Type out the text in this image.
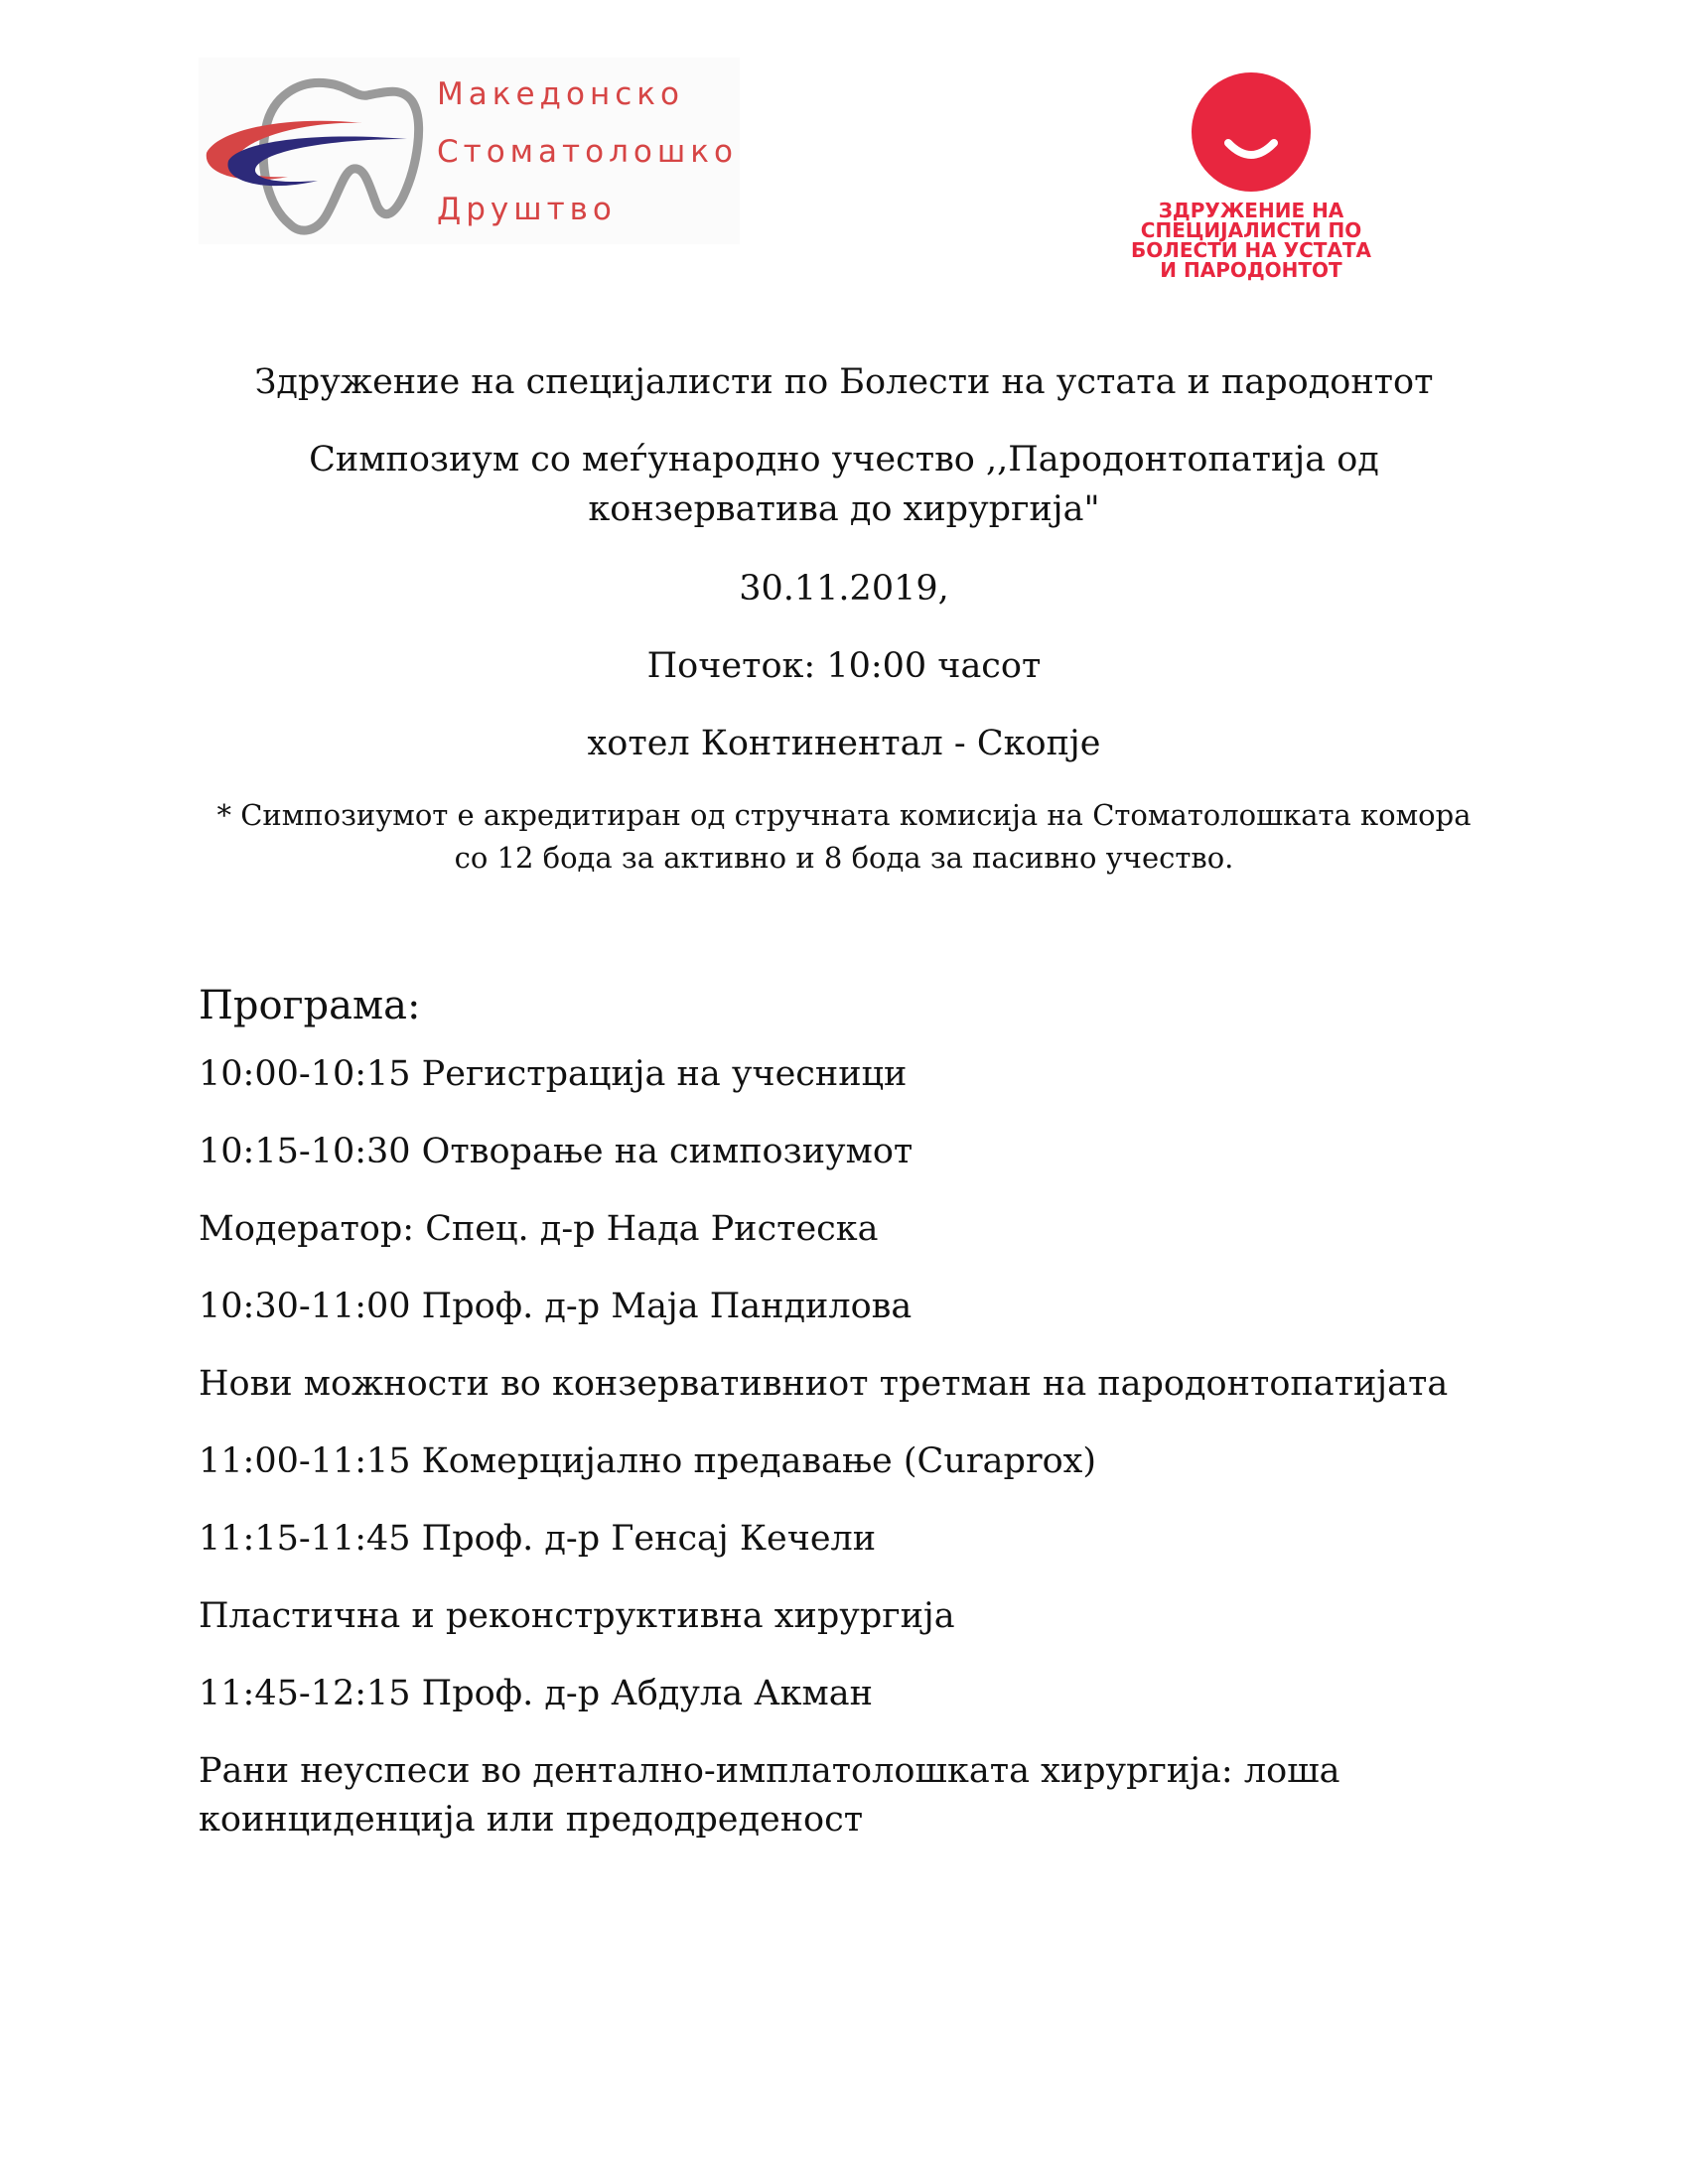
Македонско
Стоматолошко
Друштво	ЗДРУЖЕНИЕ НА
СПЕЦИЈАЛИСТИ ПО
БОЛЕСТИ НА УСТАТА
И ПАРОДОНТОТ
Здружение на специјалисти по Болести на устата и пародонтот
Симпозиум со меѓународно учество ,,Пародонтопатија од
конзерватива до хирургија"
30.11.2019,
Почеток: 10:00 часот
хотел Континентал - Скопје
* Симпозиумот е акредитиран од стручната комисија на Стоматолошката комора
со 12 бода за активно и 8 бода за пасивно учество.
Програма:
10:00-10:15 Регистрација на учесници
10:15-10:30 Отворање на симпозиумот
Модератор: Спец. д-р Нада Ристеска
10:30-11:00 Проф. д-р Маја Пандилова
Нови можности во конзервативниот третман на пародонтопатијата
11:00-11:15 Комерцијално предавање (Curaprox)
11:15-11:45 Проф. д-р Генсај Кечели
Пластична и реконструктивна хирургија
11:45-12:15 Проф. д-р Абдула Акман
Рани неуспеси во дентално-имплатолошката хирургија: лоша
коинциденција или предодреденост
